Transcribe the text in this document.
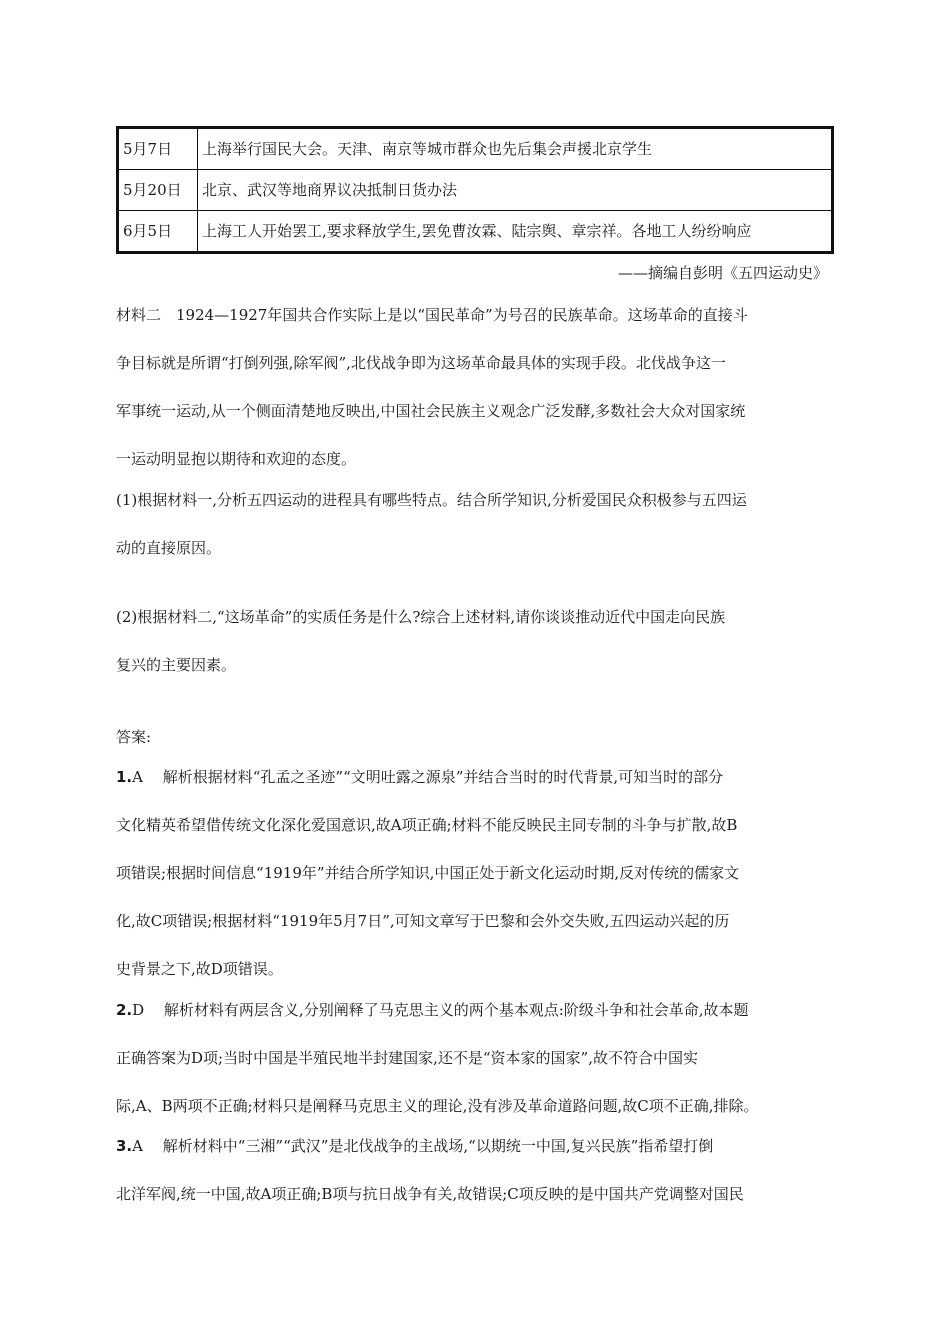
5月7日	上海举行国民大会。天津、南京等城市群众也先后集会声援北京学生
5月20日	北京、武汉等地商界议决抵制日货办法
6月5日	上海工人开始罢工,要求释放学生,罢免曹汝霖、陆宗舆、章宗祥。各地工人纷纷响应
——摘编自彭明《五四运动史》
材料二　1924—1927年国共合作实际上是以“国民革命”为号召的民族革命。这场革命的直接斗
争目标就是所谓“打倒列强,除军阀”,北伐战争即为这场革命最具体的实现手段。北伐战争这一
军事统一运动,从一个侧面清楚地反映出,中国社会民族主义观念广泛发酵,多数社会大众对国家统
一运动明显抱以期待和欢迎的态度。
(1)根据材料一,分析五四运动的进程具有哪些特点。结合所学知识,分析爱国民众积极参与五四运
动的直接原因。
(2)根据材料二,“这场革命”的实质任务是什么?综合上述材料,请你谈谈推动近代中国走向民族
复兴的主要因素。
答案:
1.A　 解析根据材料“孔孟之圣迹”“文明吐露之源泉”并结合当时的时代背景,可知当时的部分
文化精英希望借传统文化深化爱国意识,故A项正确;材料不能反映民主同专制的斗争与扩散,故B
项错误;根据时间信息“1919年”并结合所学知识,中国正处于新文化运动时期,反对传统的儒家文
化,故C项错误;根据材料“1919年5月7日”,可知文章写于巴黎和会外交失败,五四运动兴起的历
史背景之下,故D项错误。
2.D　 解析材料有两层含义,分别阐释了马克思主义的两个基本观点:阶级斗争和社会革命,故本题
正确答案为D项;当时中国是半殖民地半封建国家,还不是“资本家的国家”,故不符合中国实
际,A、B两项不正确;材料只是阐释马克思主义的理论,没有涉及革命道路问题,故C项不正确,排除。
3.A　 解析材料中“三湘”“武汉”是北伐战争的主战场,“以期统一中国,复兴民族”指希望打倒
北洋军阀,统一中国,故A项正确;B项与抗日战争有关,故错误;C项反映的是中国共产党调整对国民
